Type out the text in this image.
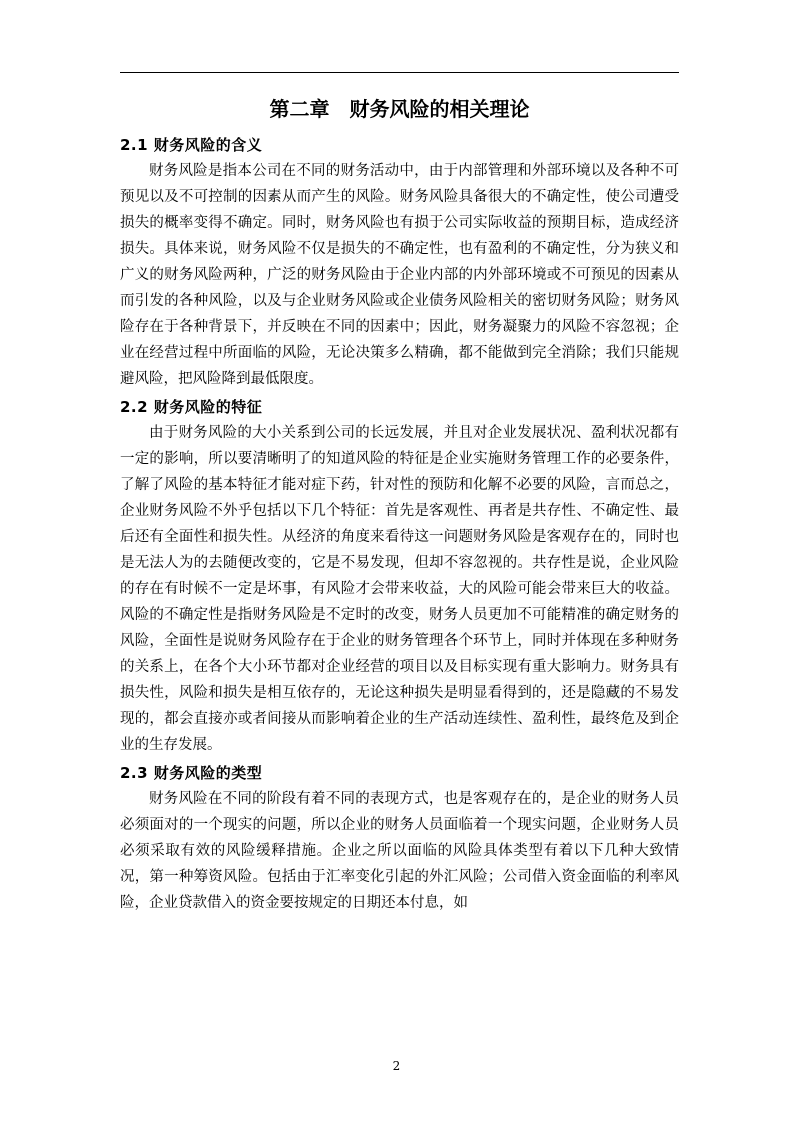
第二章　财务风险的相关理论
2.1 财务风险的含义

财务风险是指本公司在不同的财务活动中，由于内部管理和外部环境以及各种不可预见以及不可控制的因素从而产生的风险。财务风险具备很大的不确定性，使公司遭受损失的概率变得不确定。同时，财务风险也有损于公司实际收益的预期目标，造成经济损失。具体来说，财务风险不仅是损失的不确定性，也有盈利的不确定性，分为狭义和广义的财务风险两种，广泛的财务风险由于企业内部的内外部环境或不可预见的因素从而引发的各种风险，以及与企业财务风险或企业债务风险相关的密切财务风险；财务风险存在于各种背景下，并反映在不同的因素中；因此，财务凝聚力的风险不容忽视；企业在经营过程中所面临的风险，无论决策多么精确，都不能做到完全消除；我们只能规避风险，把风险降到最低限度。

2.2 财务风险的特征

由于财务风险的大小关系到公司的长远发展，并且对企业发展状况、盈利状况都有一定的影响，所以要清晰明了的知道风险的特征是企业实施财务管理工作的必要条件，了解了风险的基本特征才能对症下药，针对性的预防和化解不必要的风险，言而总之，企业财务风险不外乎包括以下几个特征：首先是客观性、再者是共存性、不确定性、最后还有全面性和损失性。从经济的角度来看待这一问题财务风险是客观存在的，同时也是无法人为的去随便改变的，它是不易发现，但却不容忽视的。共存性是说，企业风险的存在有时候不一定是坏事，有风险才会带来收益，大的风险可能会带来巨大的收益。风险的不确定性是指财务风险是不定时的改变，财务人员更加不可能精准的确定财务的风险，全面性是说财务风险存在于企业的财务管理各个环节上，同时并体现在多种财务的关系上，在各个大小环节都对企业经营的项目以及目标实现有重大影响力。财务具有损失性，风险和损失是相互依存的，无论这种损失是明显看得到的，还是隐藏的不易发现的，都会直接亦或者间接从而影响着企业的生产活动连续性、盈利性，最终危及到企业的生存发展。

2.3 财务风险的类型

财务风险在不同的阶段有着不同的表现方式，也是客观存在的，是企业的财务人员必须面对的一个现实的问题，所以企业的财务人员面临着一个现实问题，企业财务人员必须采取有效的风险缓释措施。企业之所以面临的风险具体类型有着以下几种大致情况，第一种筹资风险。包括由于汇率变化引起的外汇风险；公司借入资金面临的利率风险，企业贷款借入的资金要按规定的日期还本付息，如

2
